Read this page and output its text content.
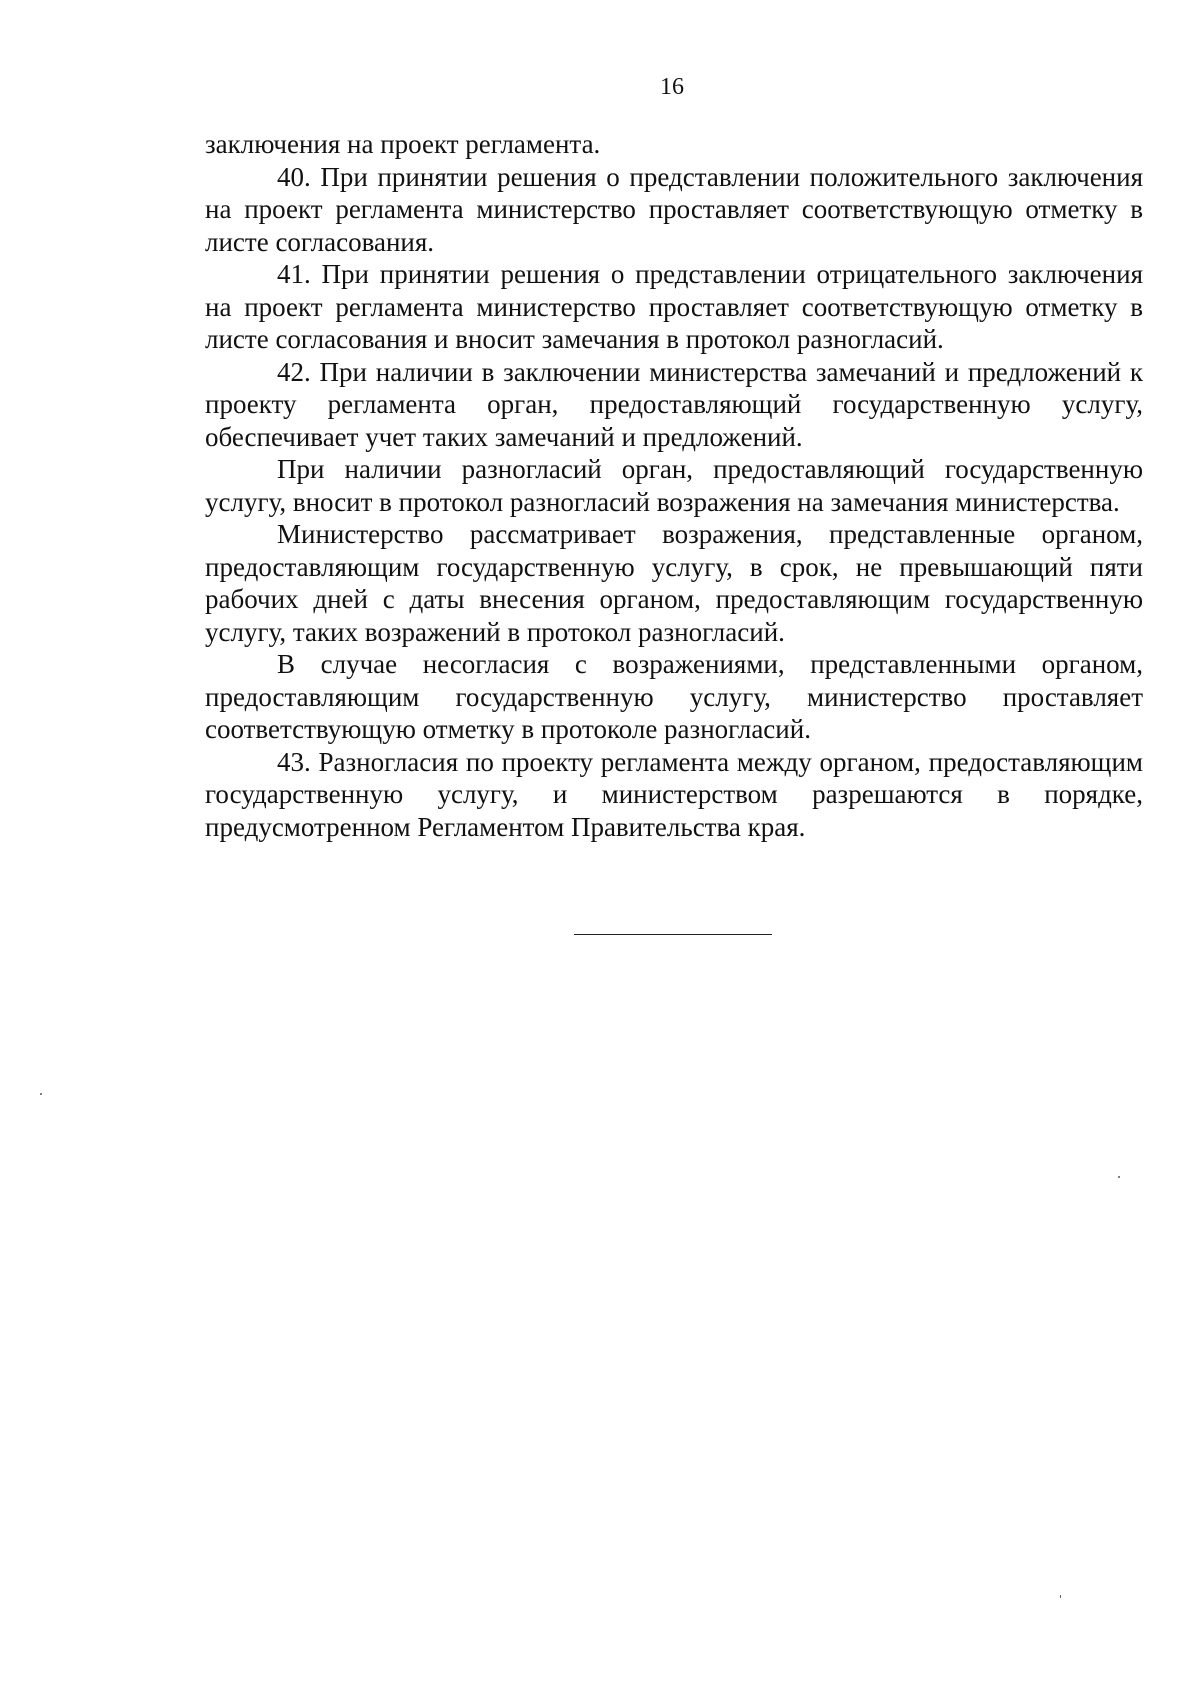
16

заключения на проект регламента.

40. При принятии решения о представлении положительного заключения на проект регламента министерство проставляет соответствующую отметку в листе согласования.

41. При принятии решения о представлении отрицательного заключения на проект регламента министерство проставляет соответствующую отметку в листе согласования и вносит замечания в протокол разногласий.

42. При наличии в заключении министерства замечаний и предложений к проекту регламента орган, предоставляющий государственную услугу, обеспечивает учет таких замечаний и предложений.

При наличии разногласий орган, предоставляющий государственную услугу, вносит в протокол разногласий возражения на замечания министерства.

Министерство рассматривает возражения, представленные органом, предоставляющим государственную услугу, в срок, не превышающий пяти рабочих дней с даты внесения органом, предоставляющим государственную услугу, таких возражений в протокол разногласий.

В случае несогласия с возражениями, представленными органом, предоставляющим государственную услугу, министерство проставляет соответствующую отметку в протоколе разногласий.

43. Разногласия по проекту регламента между органом, предоставляющим государственную услугу, и министерством разрешаются в порядке, предусмотренном Регламентом Правительства края.
